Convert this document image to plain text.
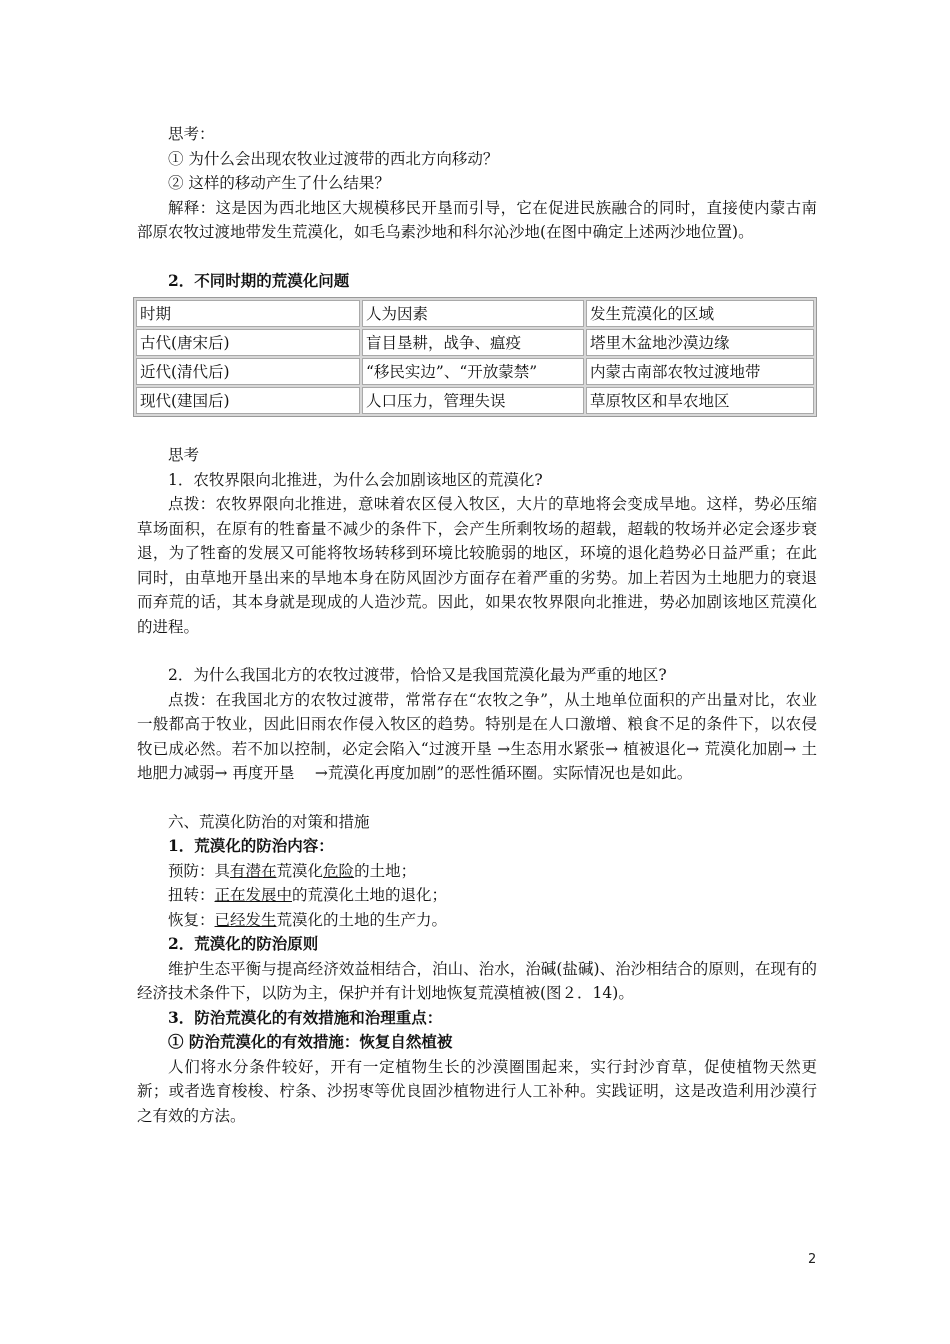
思考：
① 为什么会出现农牧业过渡带的西北方向移动？
② 这样的移动产生了什么结果？
解释：这是因为西北地区大规模移民开垦而引导，它在促进民族融合的同时，直接使内蒙古南部原农牧过渡地带发生荒漠化，如毛乌素沙地和科尔沁沙地(在图中确定上述两沙地位置)。
2．不同时期的荒漠化问题
时期	人为因素	发生荒漠化的区域
古代(唐宋后)	盲目垦耕，战争、瘟疫	塔里木盆地沙漠边缘
近代(清代后)	“移民实边”、“开放蒙禁”	内蒙古南部农牧过渡地带
现代(建国后)	人口压力，管理失误	草原牧区和旱农地区
思考
1．农牧界限向北推进，为什么会加剧该地区的荒漠化?
点拨：农牧界限向北推进，意味着农区侵入牧区，大片的草地将会变成旱地。这样，势必压缩草场面积，在原有的牲畜量不减少的条件下，会产生所剩牧场的超载，超载的牧场并必定会逐步衰退，为了牲畜的发展又可能将牧场转移到环境比较脆弱的地区，环境的退化趋势必日益严重；在此同时，由草地开垦出来的旱地本身在防风固沙方面存在着严重的劣势。加上若因为土地肥力的衰退而弃荒的话，其本身就是现成的人造沙荒。因此，如果农牧界限向北推进，势必加剧该地区荒漠化的进程。
2．为什么我国北方的农牧过渡带，恰恰又是我国荒漠化最为严重的地区?
点拨：在我国北方的农牧过渡带，常常存在“农牧之争”，从土地单位面积的产出量对比，农业一般都高于牧业，因此旧雨农作侵入牧区的趋势。特别是在人口激增、粮食不足的条件下，以农侵牧已成必然。若不加以控制，必定会陷入“过渡开垦 →生态用水紧张→ 植被退化→ 荒漠化加剧→ 土地肥力减弱→ 再度开垦　 →荒漠化再度加剧”的恶性循环圈。实际情况也是如此。
六、荒漠化防治的对策和措施
1．荒漠化的防治内容：
预防：具有潜在荒漠化危险的土地；
扭转：正在发展中的荒漠化土地的退化；
恢复：已经发生荒漠化的土地的生产力。
2．荒漠化的防治原则
维护生态平衡与提高经济效益相结合，泊山、治水，治碱(盐碱)、治沙相结合的原则，在现有的经济技术条件下，以防为主，保护并有计划地恢复荒漠植被(图２．14)。
3．防治荒漠化的有效措施和治理重点：
① 防治荒漠化的有效措施：恢复自然植被
人们将水分条件较好，开有一定植物生长的沙漠圈围起来，实行封沙育草，促使植物天然更新；或者选育梭梭、柠条、沙拐枣等优良固沙植物进行人工补种。实践证明，这是改造利用沙漠行之有效的方法。
2
